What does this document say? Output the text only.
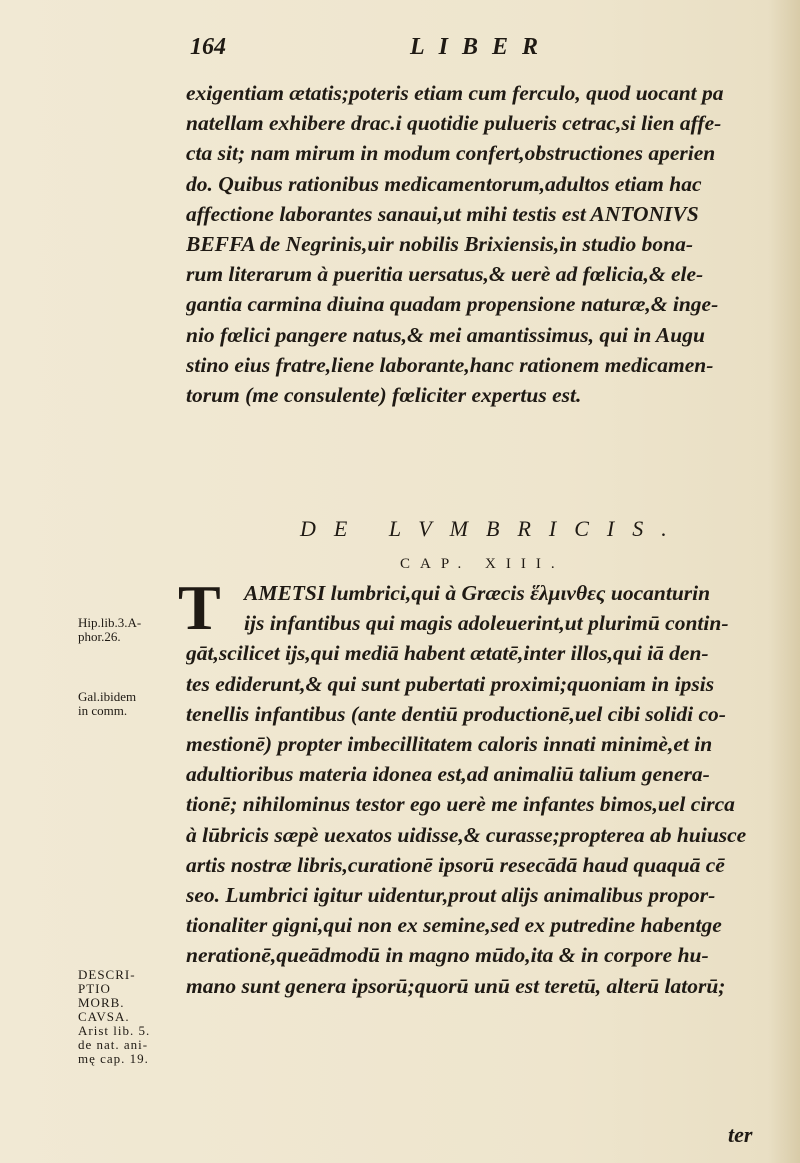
164	LIBER
exigentiam ætatis;poteris etiam cum ferculo, quod uocant pa
natellam exhibere drac.i quotidie pulueris cetrac,si lien affe-
cta sit; nam mirum in modum confert,obstructiones aperien
do. Quibus rationibus medicamentorum,adultos etiam hac
affectione laborantes sanaui,ut mihi testis est ANTONIVS
BEFFA de Negrinis,uir nobilis Brixiensis,in studio bona-
rum literarum à pueritia uersatus,& uerè ad fœlicia,& ele-
gantia carmina diuina quadam propensione naturæ,& inge-
nio fœlici pangere natus,& mei amantissimus, qui in Augu
stino eius fratre,liene laborante,hanc rationem medicamen-
torum (me consulente) fœliciter expertus est.
DE LVMBRICIS.
CAP. XIII.
T	AMETSI lumbrici,qui à Græcis ἕλμινθες uocanturin
ijs infantibus qui magis adoleuerint,ut plurimū contin-
gāt,scilicet ijs,qui mediā habent ætatē,inter illos,qui iā den-
tes ediderunt,& qui sunt pubertati proximi;quoniam in ipsis
tenellis infantibus (ante dentiū productionē,uel cibi solidi co-
mestionē) propter imbecillitatem caloris innati minimè,et in
adultioribus materia idonea est,ad animaliū talium genera-
tionē; nihilominus testor ego uerè me infantes bimos,uel circa
à lūbricis sæpè uexatos uidisse,& curasse;propterea ab huiusce
artis nostræ libris,curationē ipsorū resecādā haud quaquā cē
seo. Lumbrici igitur uidentur,prout alijs animalibus propor-
tionaliter gigni,qui non ex semine,sed ex putredine habentge
nerationē,queādmodū in magno mūdo,ita & in corpore hu-
mano sunt genera ipsorū;quorū unū est teretū, alterū latorū;
Hip.lib.3.A-
phor.26.
Gal.ibidem
in comm.
DESCRI-
PTIO
MORB.
CAVSA.
Arist lib. 5.
de nat. ani-
mę cap. 19.
ter
